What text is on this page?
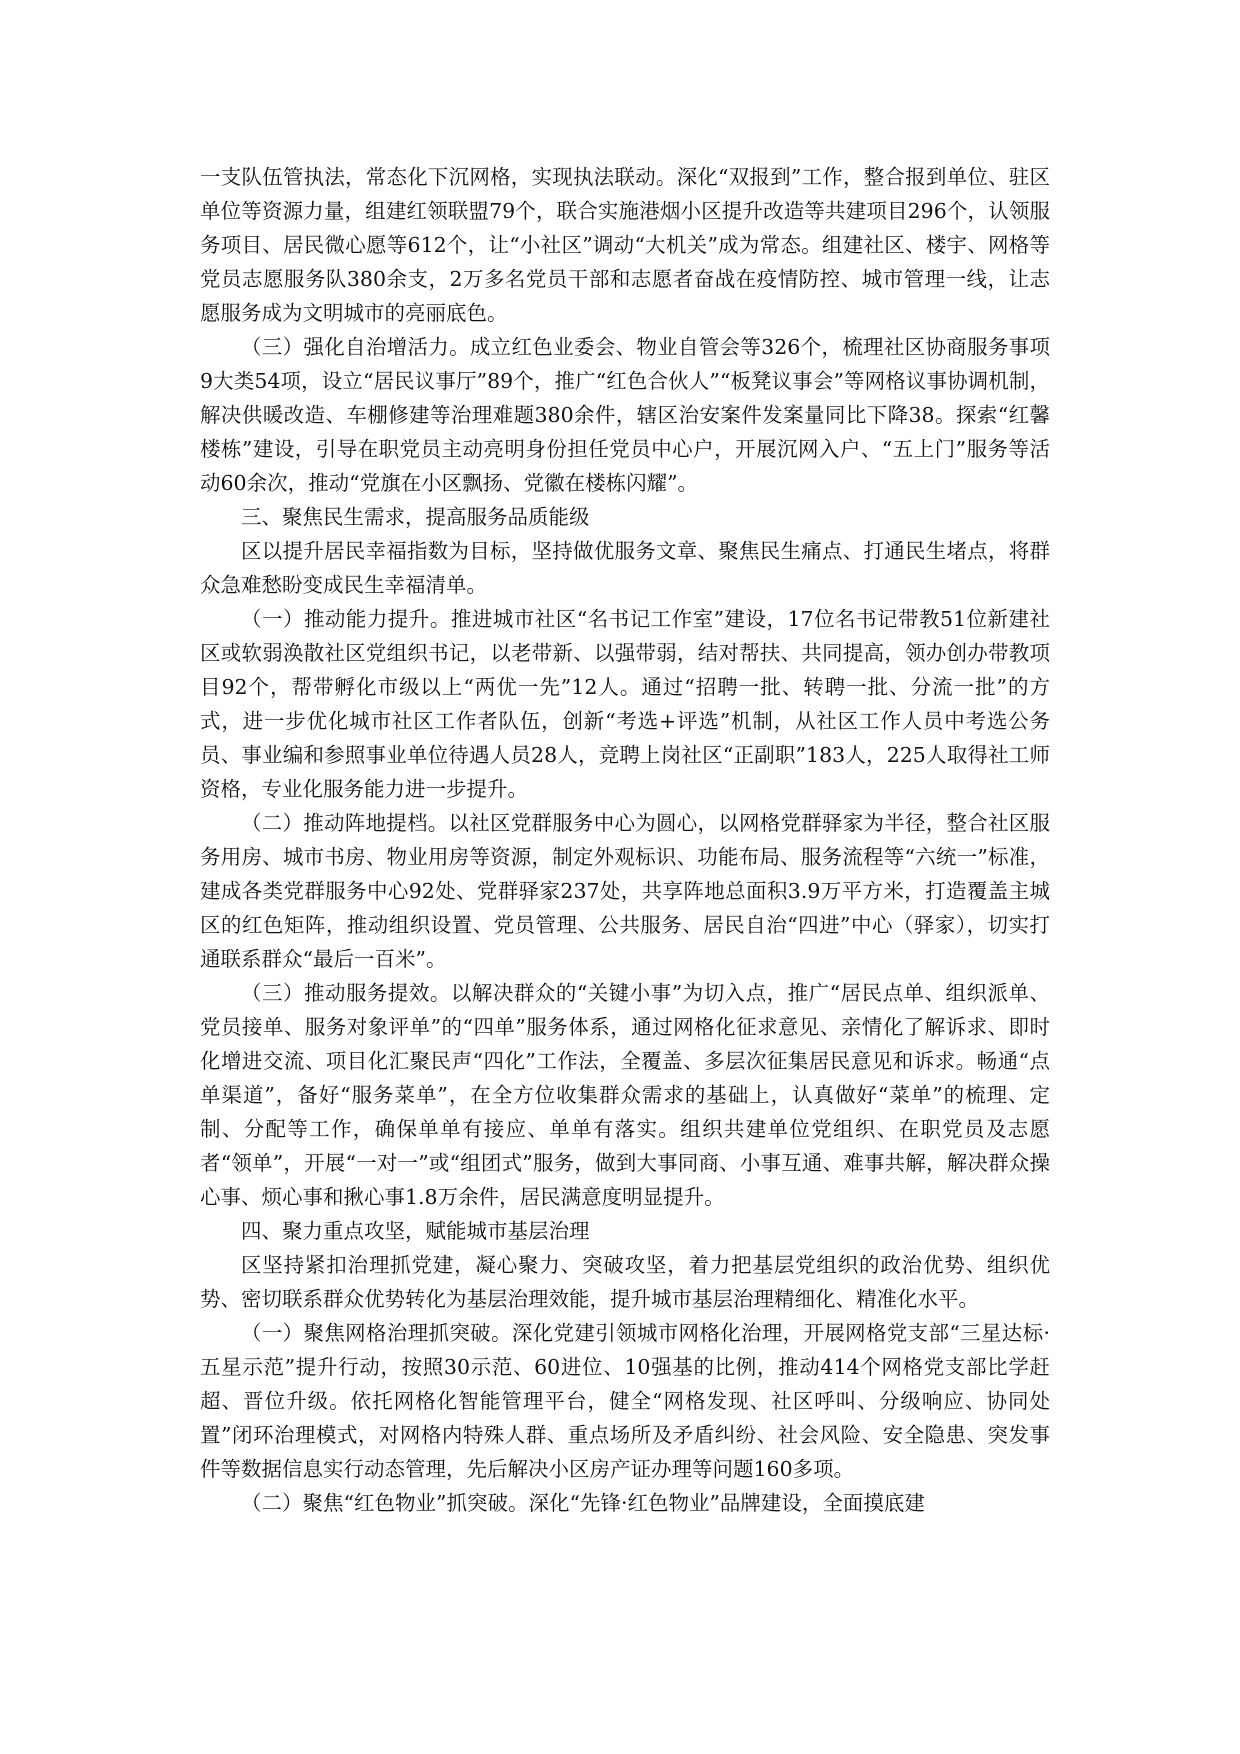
一支队伍管执法，常态化下沉网格，实现执法联动。深化“双报到”工作，整合报到单位、驻区单位等资源力量，组建红领联盟79个，联合实施港烟小区提升改造等共建项目296个，认领服务项目、居民微心愿等612个，让“小社区”调动“大机关”成为常态。组建社区、楼宇、网格等党员志愿服务队380余支，2万多名党员干部和志愿者奋战在疫情防控、城市管理一线，让志愿服务成为文明城市的亮丽底色。

（三）强化自治增活力。成立红色业委会、物业自管会等326个，梳理社区协商服务事项9大类54项，设立“居民议事厅”89个，推广“红色合伙人”“板凳议事会”等网格议事协调机制，解决供暖改造、车棚修建等治理难题380余件，辖区治安案件发案量同比下降38。探索“红馨楼栋”建设，引导在职党员主动亮明身份担任党员中心户，开展沉网入户、“五上门”服务等活动60余次，推动“党旗在小区飘扬、党徽在楼栋闪耀”。

三、聚焦民生需求，提高服务品质能级

区以提升居民幸福指数为目标，坚持做优服务文章、聚焦民生痛点、打通民生堵点，将群众急难愁盼变成民生幸福清单。

（一）推动能力提升。推进城市社区“名书记工作室”建设，17位名书记带教51位新建社区或软弱涣散社区党组织书记，以老带新、以强带弱，结对帮扶、共同提高，领办创办带教项目92个，帮带孵化市级以上“两优一先”12人。通过“招聘一批、转聘一批、分流一批”的方式，进一步优化城市社区工作者队伍，创新“考选+评选”机制，从社区工作人员中考选公务员、事业编和参照事业单位待遇人员28人，竞聘上岗社区“正副职”183人，225人取得社工师资格，专业化服务能力进一步提升。

（二）推动阵地提档。以社区党群服务中心为圆心，以网格党群驿家为半径，整合社区服务用房、城市书房、物业用房等资源，制定外观标识、功能布局、服务流程等“六统一”标准，建成各类党群服务中心92处、党群驿家237处，共享阵地总面积3.9万平方米，打造覆盖主城区的红色矩阵，推动组织设置、党员管理、公共服务、居民自治“四进”中心（驿家），切实打通联系群众“最后一百米”。

（三）推动服务提效。以解决群众的“关键小事”为切入点，推广“居民点单、组织派单、党员接单、服务对象评单”的“四单”服务体系，通过网格化征求意见、亲情化了解诉求、即时化增进交流、项目化汇聚民声“四化”工作法，全覆盖、多层次征集居民意见和诉求。畅通“点单渠道”，备好“服务菜单”，在全方位收集群众需求的基础上，认真做好“菜单”的梳理、定制、分配等工作，确保单单有接应、单单有落实。组织共建单位党组织、在职党员及志愿者“领单”，开展“一对一”或“组团式”服务，做到大事同商、小事互通、难事共解，解决群众操心事、烦心事和揪心事1.8万余件，居民满意度明显提升。

四、聚力重点攻坚，赋能城市基层治理

区坚持紧扣治理抓党建，凝心聚力、突破攻坚，着力把基层党组织的政治优势、组织优势、密切联系群众优势转化为基层治理效能，提升城市基层治理精细化、精准化水平。

（一）聚焦网格治理抓突破。深化党建引领城市网格化治理，开展网格党支部“三星达标·五星示范”提升行动，按照30示范、60进位、10强基的比例，推动414个网格党支部比学赶超、晋位升级。依托网格化智能管理平台，健全“网格发现、社区呼叫、分级响应、协同处置”闭环治理模式，对网格内特殊人群、重点场所及矛盾纠纷、社会风险、安全隐患、突发事件等数据信息实行动态管理，先后解决小区房产证办理等问题160多项。

（二）聚焦“红色物业”抓突破。深化“先锋·红色物业”品牌建设，全面摸底建
